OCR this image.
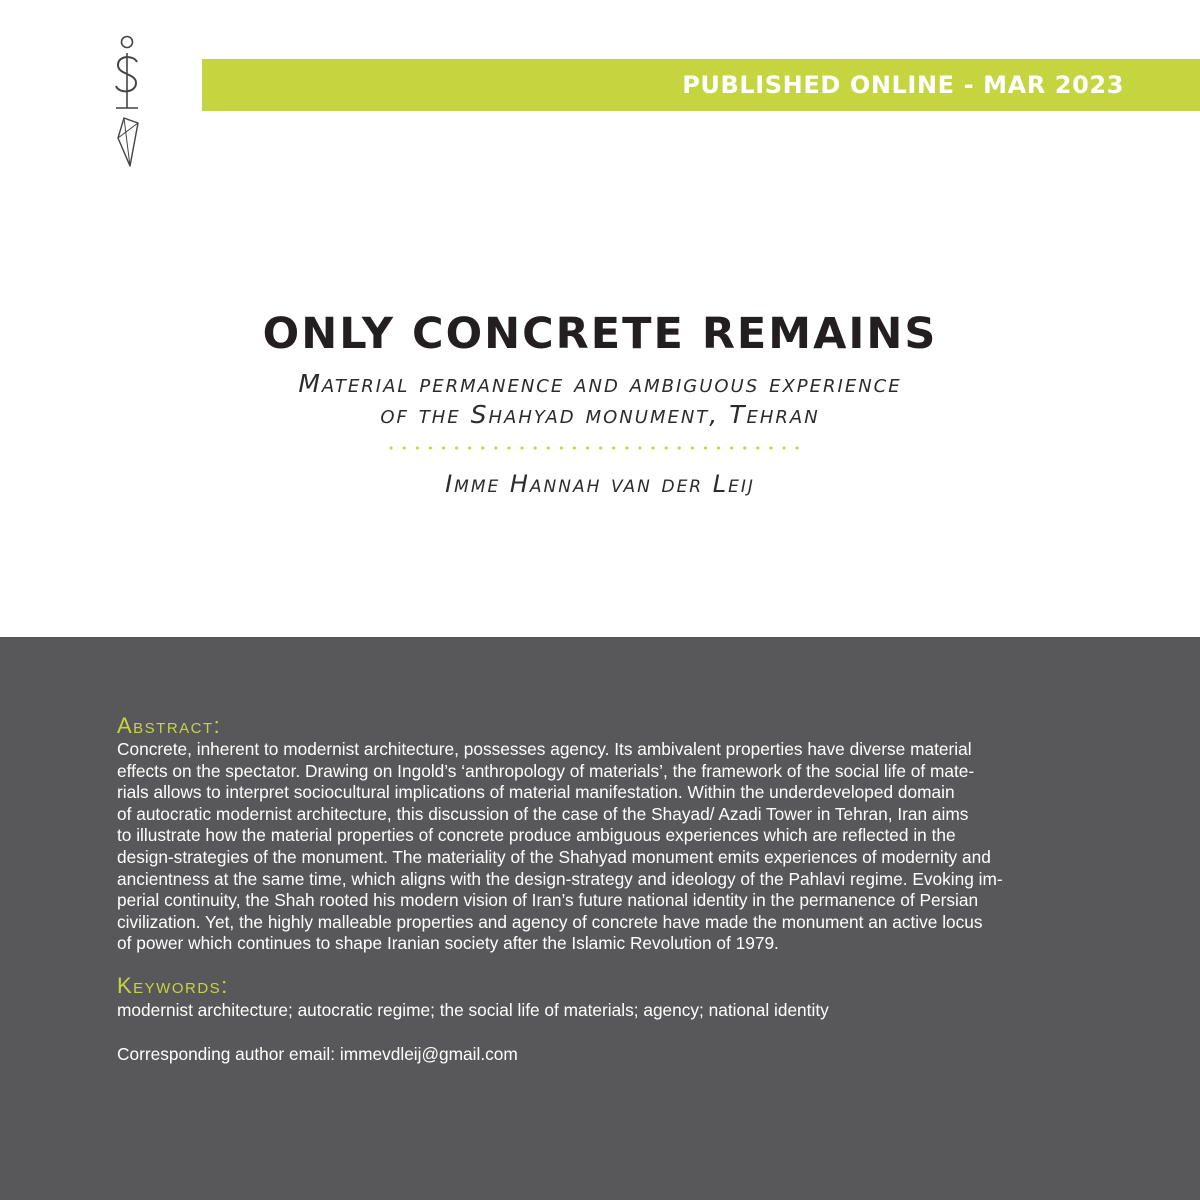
PUBLISHED ONLINE - MAR 2023
ONLY CONCRETE REMAINS
Material permanence and ambiguous experience
of the Shahyad monument, Tehran
Imme Hannah van der Leij
Abstract:

Concrete, inherent to modernist architecture, possesses agency. Its ambivalent properties have diverse material
effects on the spectator. Drawing on Ingold’s ‘anthropology of materials’, the framework of the social life of mate-
rials allows to interpret sociocultural implications of material manifestation. Within the underdeveloped domain
of autocratic modernist architecture, this discussion of the case of the Shayad/ Azadi Tower in Tehran, Iran aims
to illustrate how the material properties of concrete produce ambiguous experiences which are reflected in the
design-strategies of the monument. The materiality of the Shahyad monument emits experiences of modernity and
ancientness at the same time, which aligns with the design-strategy and ideology of the Pahlavi regime. Evoking im-
perial continuity, the Shah rooted his modern vision of Iran’s future national identity in the permanence of Persian
civilization. Yet, the highly malleable properties and agency of concrete have made the monument an active locus
of power which continues to shape Iranian society after the Islamic Revolution of 1979.

Keywords:
modernist architecture; autocratic regime; the social life of materials; agency; national identity
Corresponding author email: immevdleij@gmail.com
